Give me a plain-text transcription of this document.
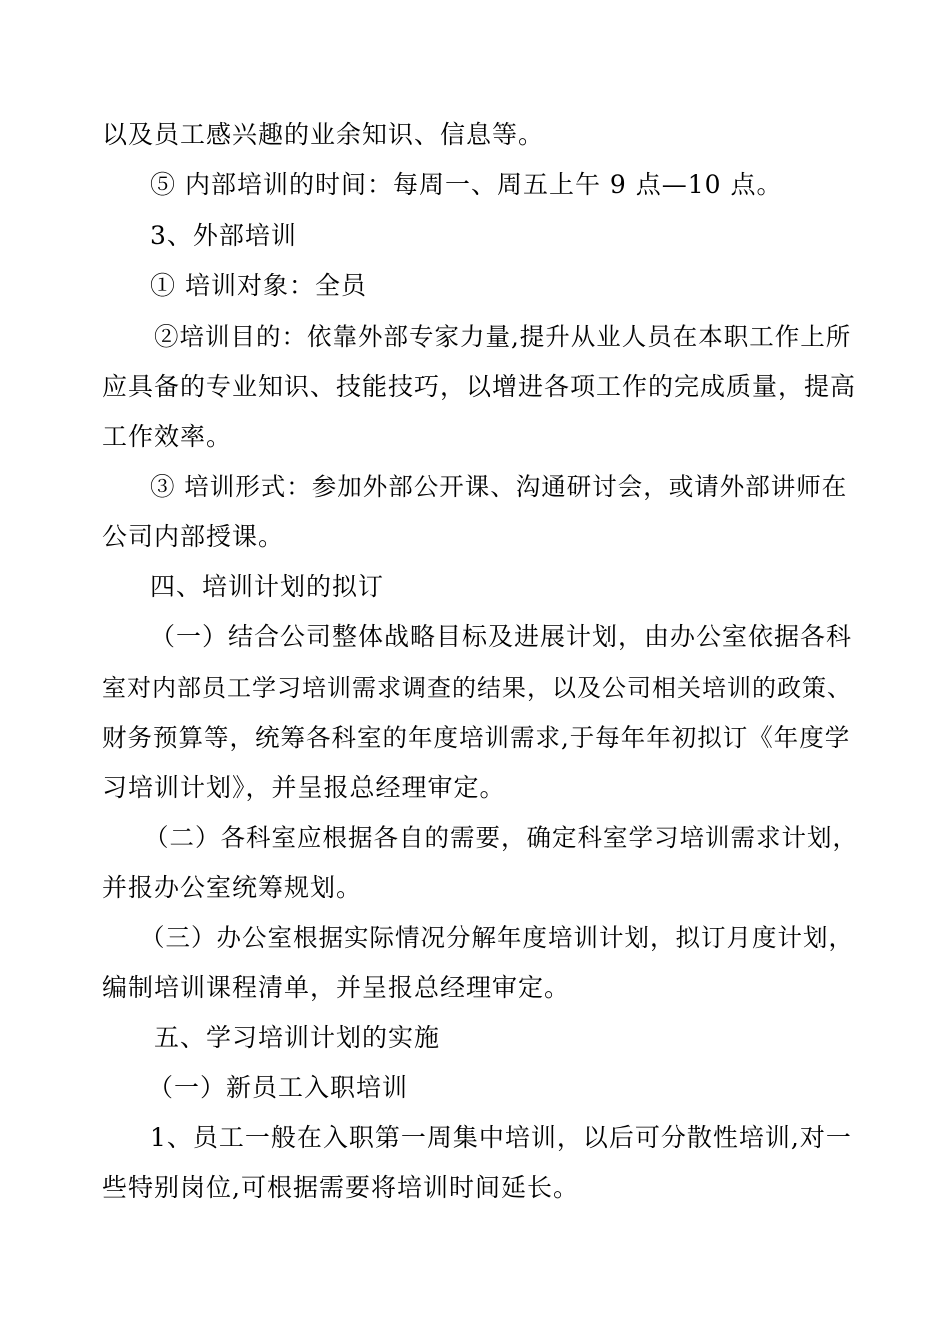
以及员工感兴趣的业余知识、信息等。
⑤ 内部培训的时间：每周一、周五上午 9 点—10 点。
3、外部培训
① 培训对象：全员
②培训目的：依靠外部专家力量,提升从业人员在本职工作上所
应具备的专业知识、技能技巧，以增进各项工作的完成质量，提高
工作效率。
③ 培训形式：参加外部公开课、沟通研讨会，或请外部讲师在
公司内部授课。
四、培训计划的拟订
（一）结合公司整体战略目标及进展计划，由办公室依据各科
室对内部员工学习培训需求调查的结果，以及公司相关培训的政策、
财务预算等，统筹各科室的年度培训需求,于每年年初拟订《年度学
习培训计划》，并呈报总经理审定。
（二）各科室应根据各自的需要，确定科室学习培训需求计划，
并报办公室统筹规划。
（三）办公室根据实际情况分解年度培训计划，拟订月度计划，
编制培训课程清单，并呈报总经理审定。
五、学习培训计划的实施
（一）新员工入职培训
1、员工一般在入职第一周集中培训，以后可分散性培训,对一
些特别岗位,可根据需要将培训时间延长。
